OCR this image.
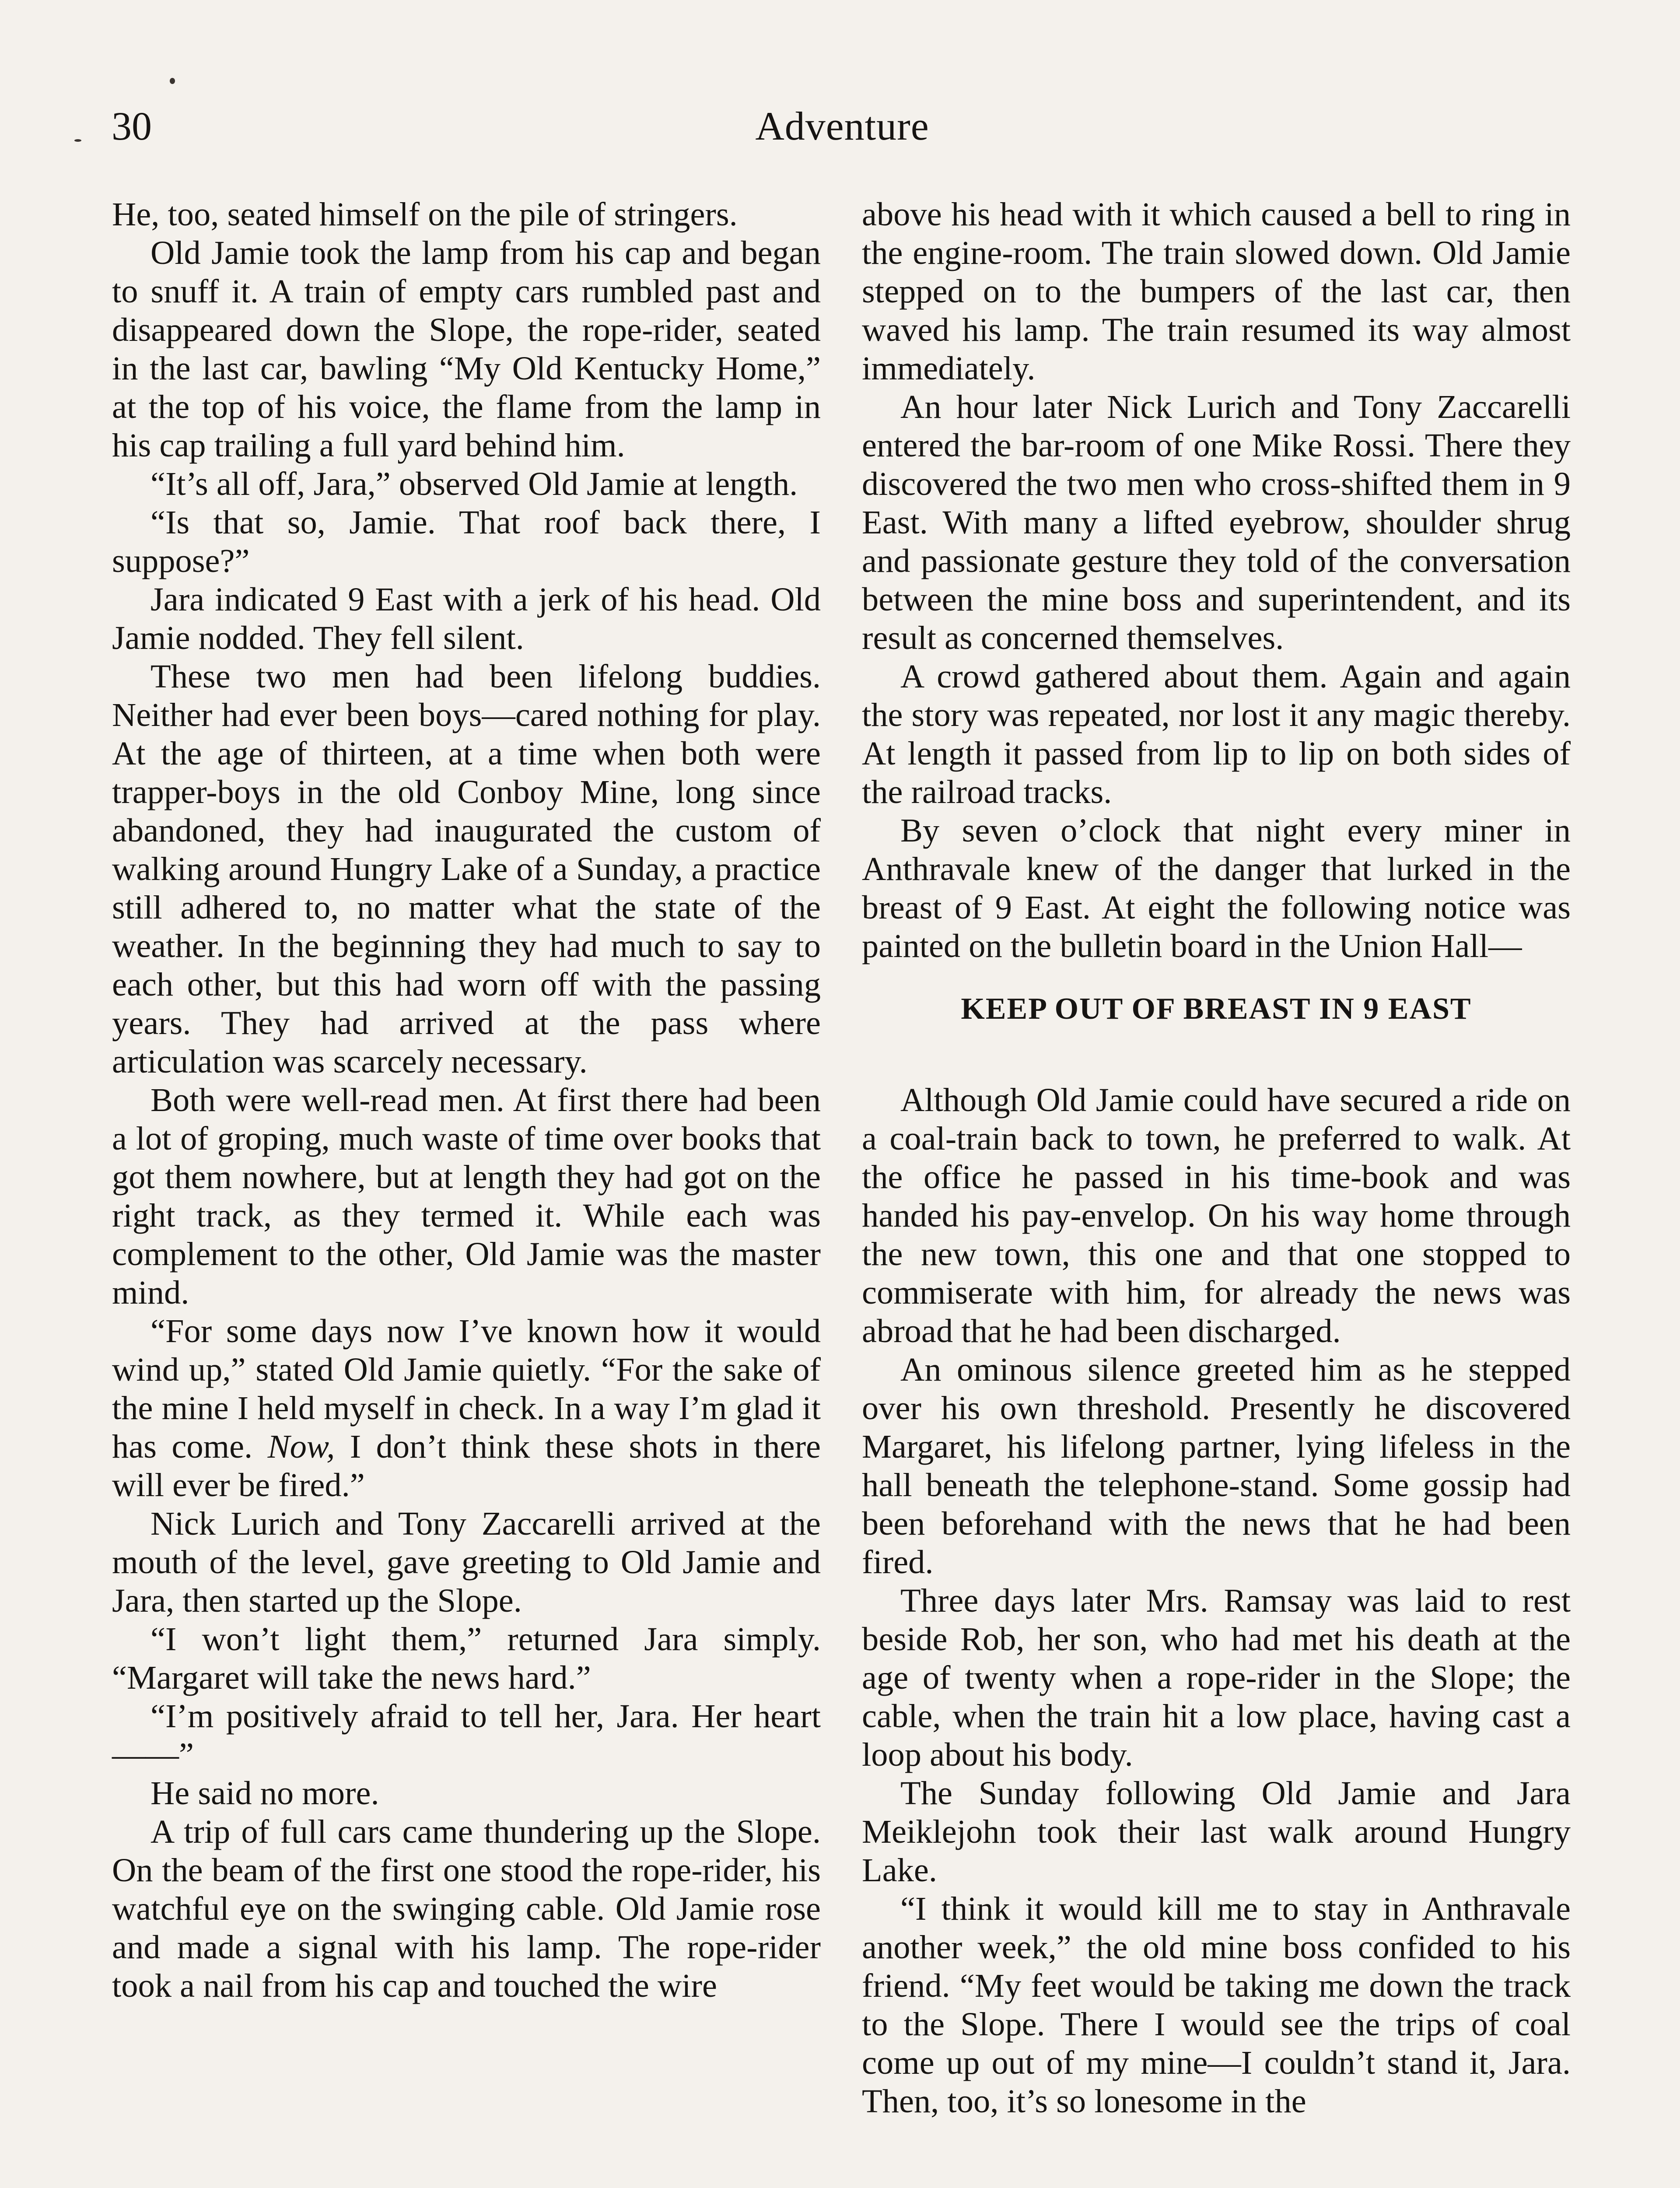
30	Adventure

He, too, seated himself on the pile of stringers.

Old Jamie took the lamp from his cap and began to snuff it. A train of empty cars rumbled past and disappeared down the Slope, the rope-rider, seated in the last car, bawling “My Old Kentucky Home,” at the top of his voice, the flame from the lamp in his cap trailing a full yard behind him.

“It’s all off, Jara,” observed Old Jamie at length.

“Is that so, Jamie. That roof back there, I suppose?”

Jara indicated 9 East with a jerk of his head. Old Jamie nodded. They fell silent.

These two men had been lifelong buddies. Neither had ever been boys—cared nothing for play. At the age of thirteen, at a time when both were trapper-boys in the old Conboy Mine, long since abandoned, they had inaugurated the custom of walking around Hungry Lake of a Sunday, a practice still adhered to, no matter what the state of the weather. In the beginning they had much to say to each other, but this had worn off with the passing years. They had arrived at the pass where articulation was scarcely necessary.

Both were well-read men. At first there had been a lot of groping, much waste of time over books that got them nowhere, but at length they had got on the right track, as they termed it. While each was complement to the other, Old Jamie was the master mind.

“For some days now I’ve known how it would wind up,” stated Old Jamie quietly. “For the sake of the mine I held myself in check. In a way I’m glad it has come. Now, I don’t think these shots in there will ever be fired.”

Nick Lurich and Tony Zaccarelli arrived at the mouth of the level, gave greeting to Old Jamie and Jara, then started up the Slope.

“I won’t light them,” returned Jara simply. “Margaret will take the news hard.”

“I’m positively afraid to tell her, Jara. Her heart——”

He said no more.

A trip of full cars came thundering up the Slope. On the beam of the first one stood the rope-rider, his watchful eye on the swinging cable. Old Jamie rose and made a signal with his lamp. The rope-rider took a nail from his cap and touched the wire

above his head with it which caused a bell to ring in the engine-room. The train slowed down. Old Jamie stepped on to the bumpers of the last car, then waved his lamp. The train resumed its way almost immediately.

An hour later Nick Lurich and Tony Zaccarelli entered the bar-room of one Mike Rossi. There they discovered the two men who cross-shifted them in 9 East. With many a lifted eyebrow, shoulder shrug and passionate gesture they told of the conversation between the mine boss and superintendent, and its result as concerned themselves.

A crowd gathered about them. Again and again the story was repeated, nor lost it any magic thereby. At length it passed from lip to lip on both sides of the railroad tracks.

By seven o’clock that night every miner in Anthravale knew of the danger that lurked in the breast of 9 East. At eight the following notice was painted on the bulletin board in the Union Hall—

KEEP OUT OF BREAST IN 9 EAST

Although Old Jamie could have secured a ride on a coal-train back to town, he preferred to walk. At the office he passed in his time-book and was handed his pay-envelop. On his way home through the new town, this one and that one stopped to commiserate with him, for already the news was abroad that he had been discharged.

An ominous silence greeted him as he stepped over his own threshold. Presently he discovered Margaret, his lifelong partner, lying lifeless in the hall beneath the telephone-stand. Some gossip had been beforehand with the news that he had been fired.

Three days later Mrs. Ramsay was laid to rest beside Rob, her son, who had met his death at the age of twenty when a rope-rider in the Slope; the cable, when the train hit a low place, having cast a loop about his body.

The Sunday following Old Jamie and Jara Meiklejohn took their last walk around Hungry Lake.

“I think it would kill me to stay in Anthravale another week,” the old mine boss confided to his friend. “My feet would be taking me down the track to the Slope. There I would see the trips of coal come up out of my mine—I couldn’t stand it, Jara. Then, too, it’s so lonesome in the
